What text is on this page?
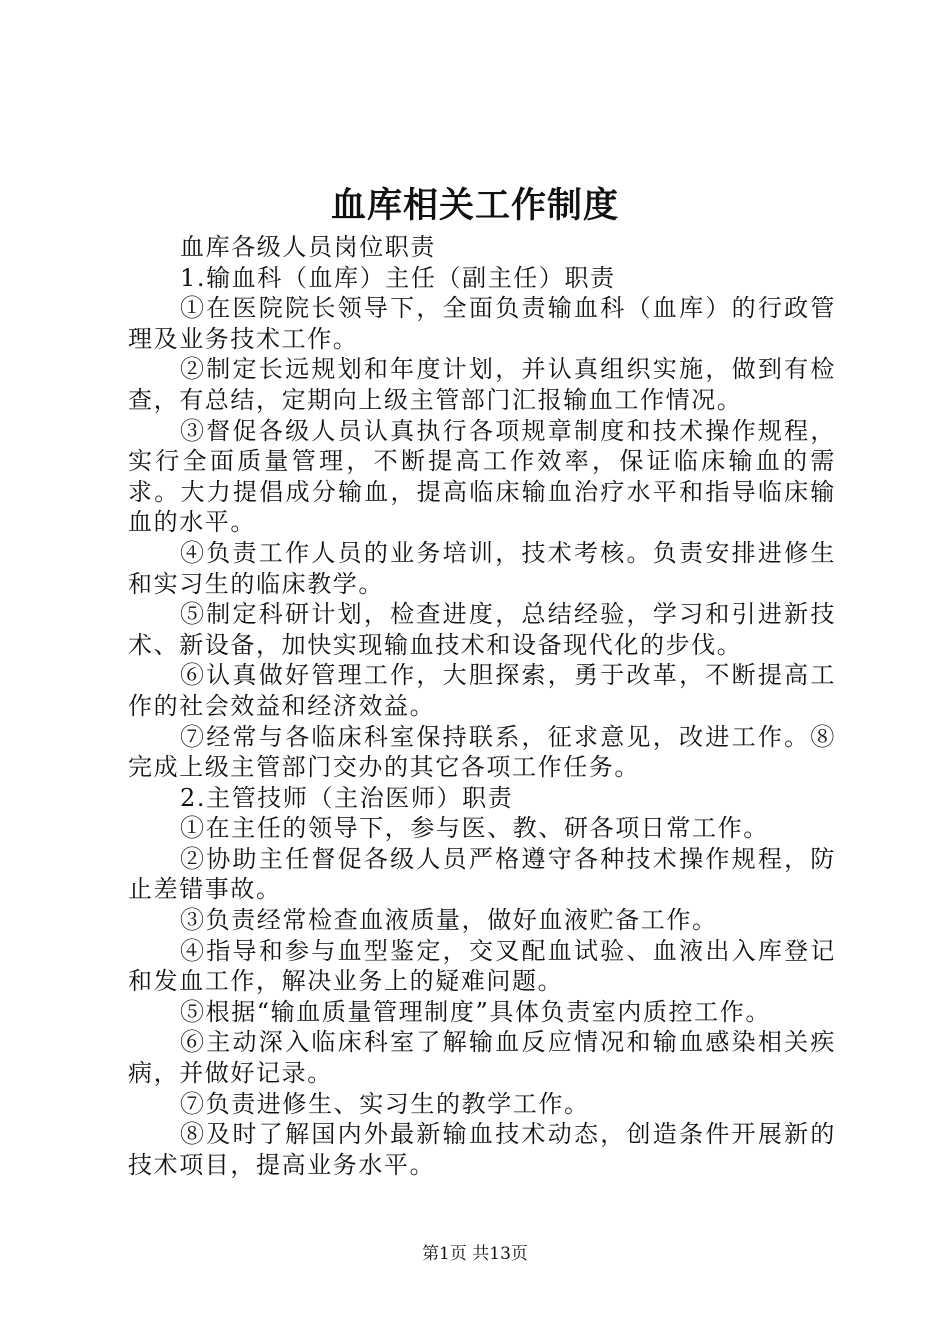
血库相关工作制度

血库各级人员岗位职责

1.输血科（血库）主任（副主任）职责

①在医院院长领导下，全面负责输血科（血库）的行政管理及业务技术工作。

②制定长远规划和年度计划，并认真组织实施，做到有检查，有总结，定期向上级主管部门汇报输血工作情况。

③督促各级人员认真执行各项规章制度和技术操作规程，实行全面质量管理，不断提高工作效率，保证临床输血的需求。大力提倡成分输血，提高临床输血治疗水平和指导临床输血的水平。

④负责工作人员的业务培训，技术考核。负责安排进修生和实习生的临床教学。

⑤制定科研计划，检查进度，总结经验，学习和引进新技术、新设备，加快实现输血技术和设备现代化的步伐。

⑥认真做好管理工作，大胆探索，勇于改革，不断提高工作的社会效益和经济效益。

⑦经常与各临床科室保持联系，征求意见，改进工作。⑧完成上级主管部门交办的其它各项工作任务。

2.主管技师（主治医师）职责

①在主任的领导下，参与医、教、研各项日常工作。

②协助主任督促各级人员严格遵守各种技术操作规程，防止差错事故。

③负责经常检查血液质量，做好血液贮备工作。

④指导和参与血型鉴定，交叉配血试验、血液出入库登记和发血工作，解决业务上的疑难问题。

⑤根据“输血质量管理制度”具体负责室内质控工作。

⑥主动深入临床科室了解输血反应情况和输血感染相关疾病，并做好记录。

⑦负责进修生、实习生的教学工作。

⑧及时了解国内外最新输血技术动态，创造条件开展新的技术项目，提高业务水平。

第1页 共13页
